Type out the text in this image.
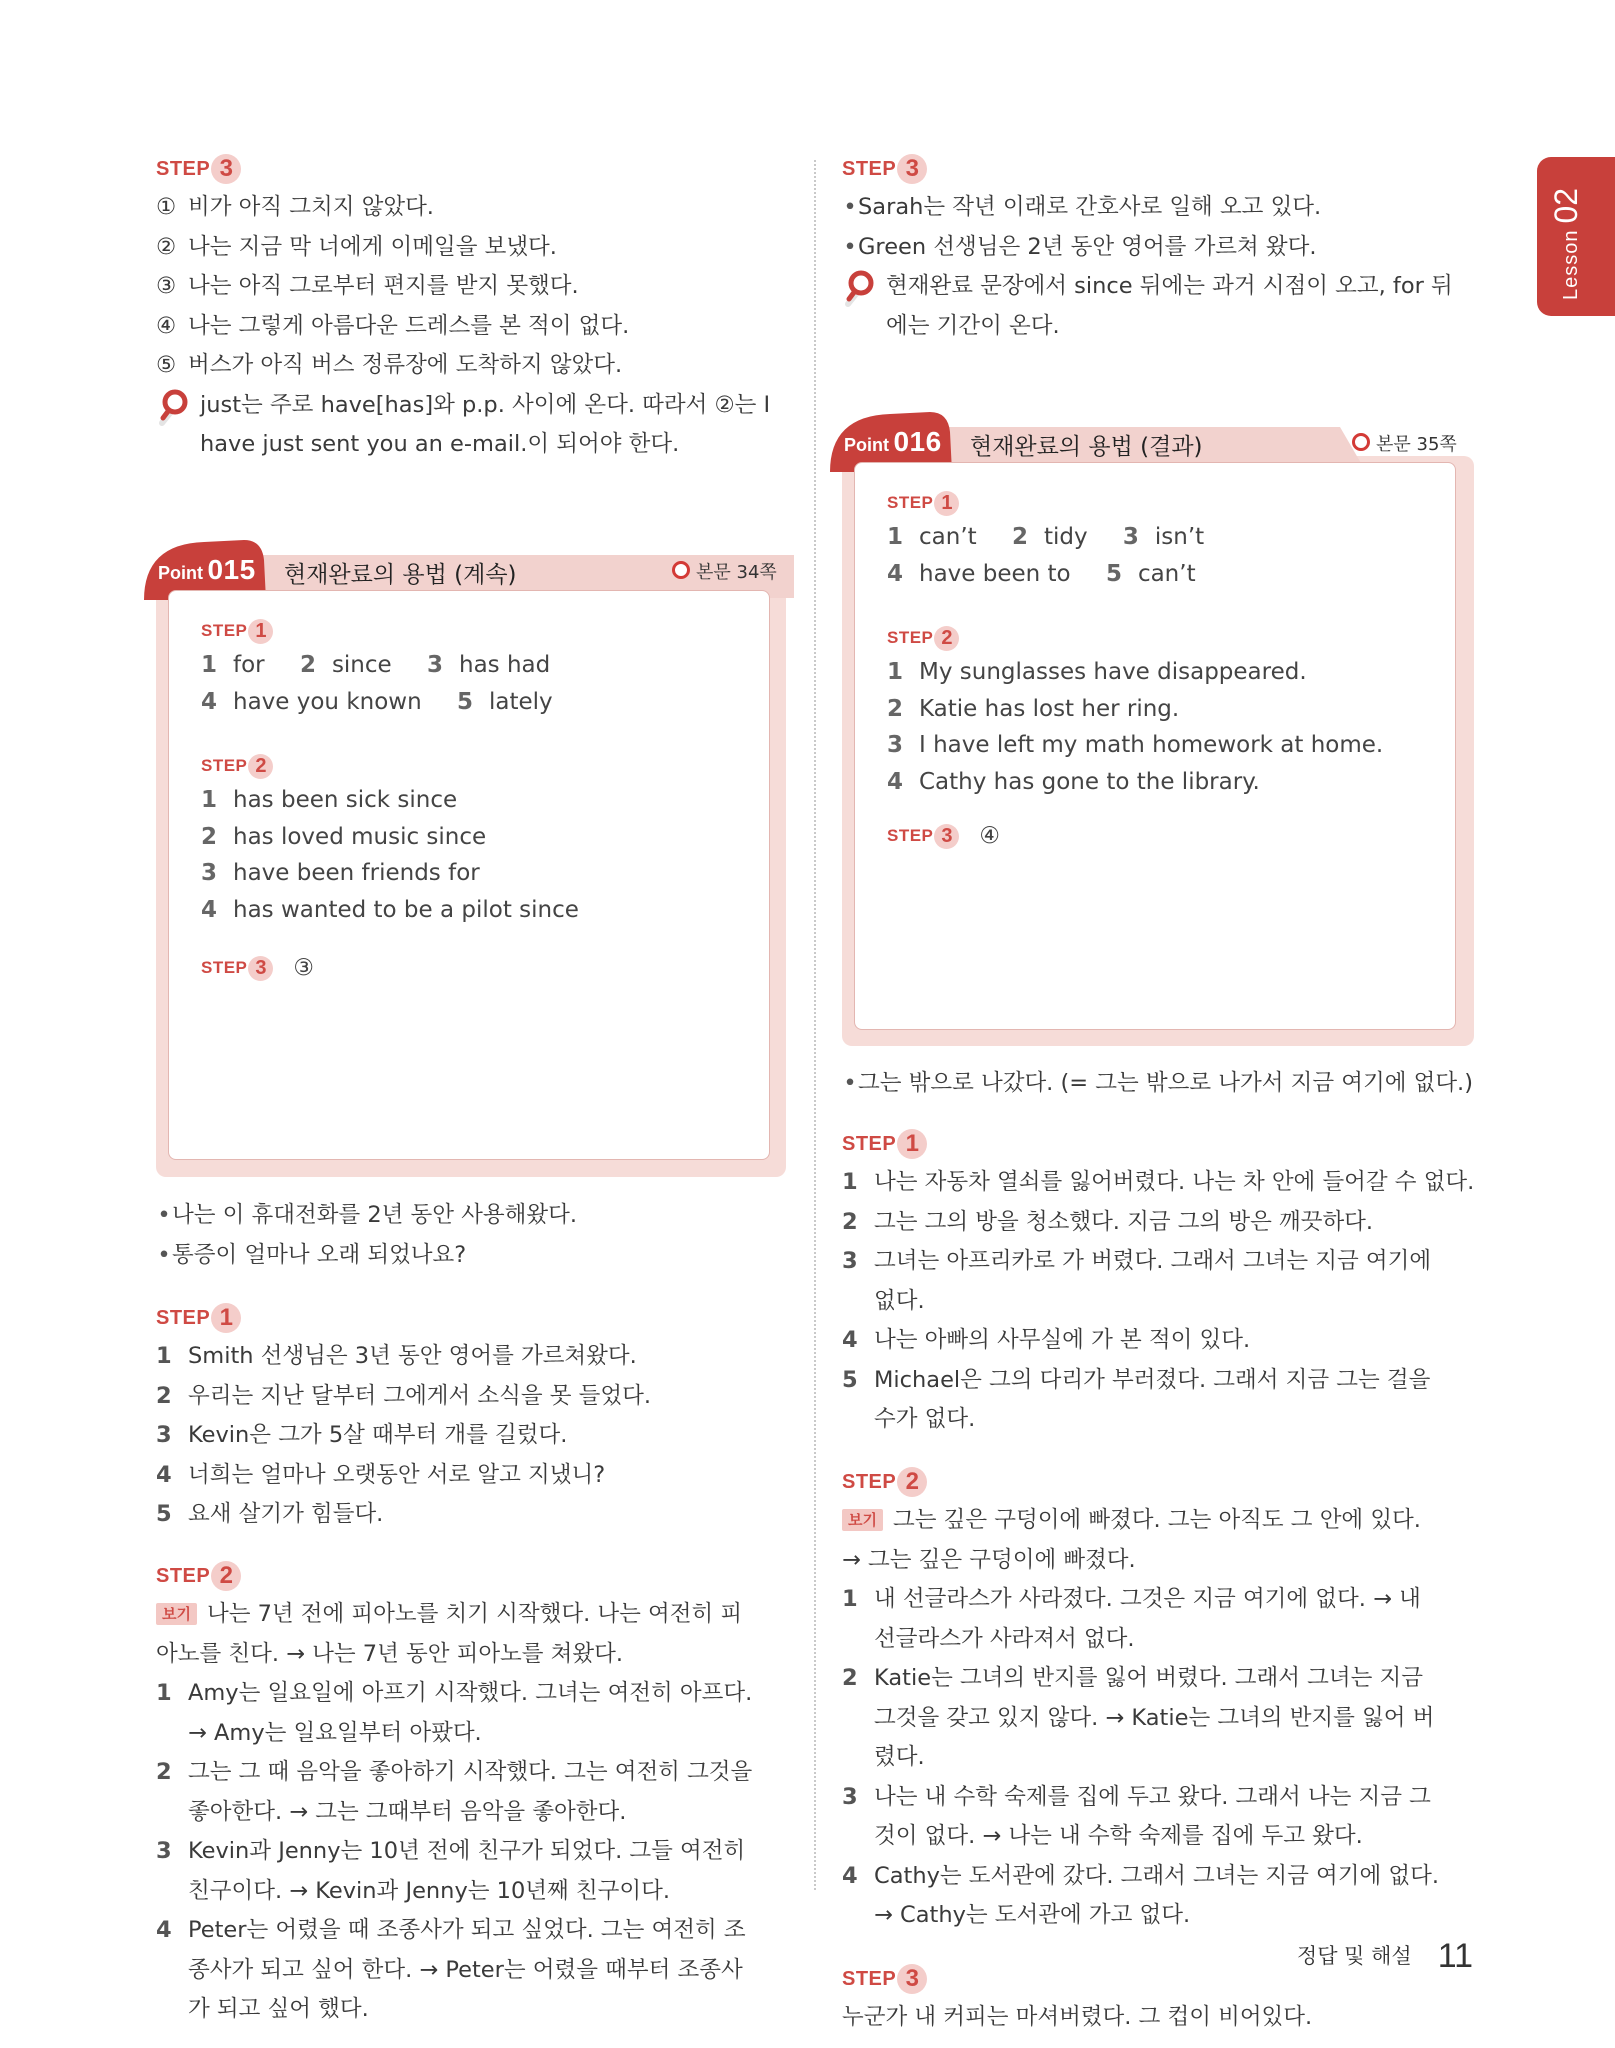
Lesson02
STEP 3
① 비가 아직 그치지 않았다.
② 나는 지금 막 너에게 이메일을 보냈다.
③ 나는 아직 그로부터 편지를 받지 못했다.
④ 나는 그렇게 아름다운 드레스를 본 적이 없다.
⑤ 버스가 아직 버스 정류장에 도착하지 않았다.
just는 주로 have[has]와 p.p. 사이에 온다. 따라서 ②는 I
have just sent you an e-mail.이 되어야 한다.
Point 015 현재완료의 용법 (계속)	본문 34쪽
STEP 1
1 for 2 since 3 has had
4 have you known 5 lately
STEP 2
1 has been sick since
2 has loved music since
3 have been friends for
4 has wanted to be a pilot since
STEP 3	③
•나는 이 휴대전화를 2년 동안 사용해왔다.
•통증이 얼마나 오래 되었나요?
STEP 1
1 Smith 선생님은 3년 동안 영어를 가르쳐왔다.
2 우리는 지난 달부터 그에게서 소식을 못 들었다.
3 Kevin은 그가 5살 때부터 개를 길렀다.
4 너희는 얼마나 오랫동안 서로 알고 지냈니?
5 요새 살기가 힘들다.
STEP 2
보기 나는 7년 전에 피아노를 치기 시작했다. 나는 여전히 피
아노를 친다. → 나는 7년 동안 피아노를 쳐왔다.
1 Amy는 일요일에 아프기 시작했다. 그녀는 여전히 아프다.
→ Amy는 일요일부터 아팠다.
2 그는 그 때 음악을 좋아하기 시작했다. 그는 여전히 그것을
좋아한다. → 그는 그때부터 음악을 좋아한다.
3 Kevin과 Jenny는 10년 전에 친구가 되었다. 그들 여전히
친구이다. → Kevin과 Jenny는 10년째 친구이다.
4 Peter는 어렸을 때 조종사가 되고 싶었다. 그는 여전히 조
종사가 되고 싶어 한다. → Peter는 어렸을 때부터 조종사
가 되고 싶어 했다.
STEP 3
•Sarah는 작년 이래로 간호사로 일해 오고 있다.
•Green 선생님은 2년 동안 영어를 가르쳐 왔다.
현재완료 문장에서 since 뒤에는 과거 시점이 오고, for 뒤
에는 기간이 온다.
Point 016 현재완료의 용법 (결과)	본문 35쪽
STEP 1
1 can’t 2 tidy 3 isn’t
4 have been to 5 can’t
STEP 2
1 My sunglasses have disappeared.
2 Katie has lost her ring.
3 I have left my math homework at home.
4 Cathy has gone to the library.
STEP 3	④
•그는 밖으로 나갔다. (= 그는 밖으로 나가서 지금 여기에 없다.)
STEP 1
1 나는 자동차 열쇠를 잃어버렸다. 나는 차 안에 들어갈 수 없다.
2 그는 그의 방을 청소했다. 지금 그의 방은 깨끗하다.
3 그녀는 아프리카로 가 버렸다. 그래서 그녀는 지금 여기에
없다.
4 나는 아빠의 사무실에 가 본 적이 있다.
5 Michael은 그의 다리가 부러졌다. 그래서 지금 그는 걸을
수가 없다.
STEP 2
보기 그는 깊은 구덩이에 빠졌다. 그는 아직도 그 안에 있다.
→ 그는 깊은 구덩이에 빠졌다.
1 내 선글라스가 사라졌다. 그것은 지금 여기에 없다. → 내
선글라스가 사라져서 없다.
2 Katie는 그녀의 반지를 잃어 버렸다. 그래서 그녀는 지금
그것을 갖고 있지 않다. → Katie는 그녀의 반지를 잃어 버
렸다.
3 나는 내 수학 숙제를 집에 두고 왔다. 그래서 나는 지금 그
것이 없다. → 나는 내 수학 숙제를 집에 두고 왔다.
4 Cathy는 도서관에 갔다. 그래서 그녀는 지금 여기에 없다.
→ Cathy는 도서관에 가고 없다.
STEP 3
누군가 내 커피는 마셔버렸다. 그 컵이 비어있다.
정답 및 해설 11
